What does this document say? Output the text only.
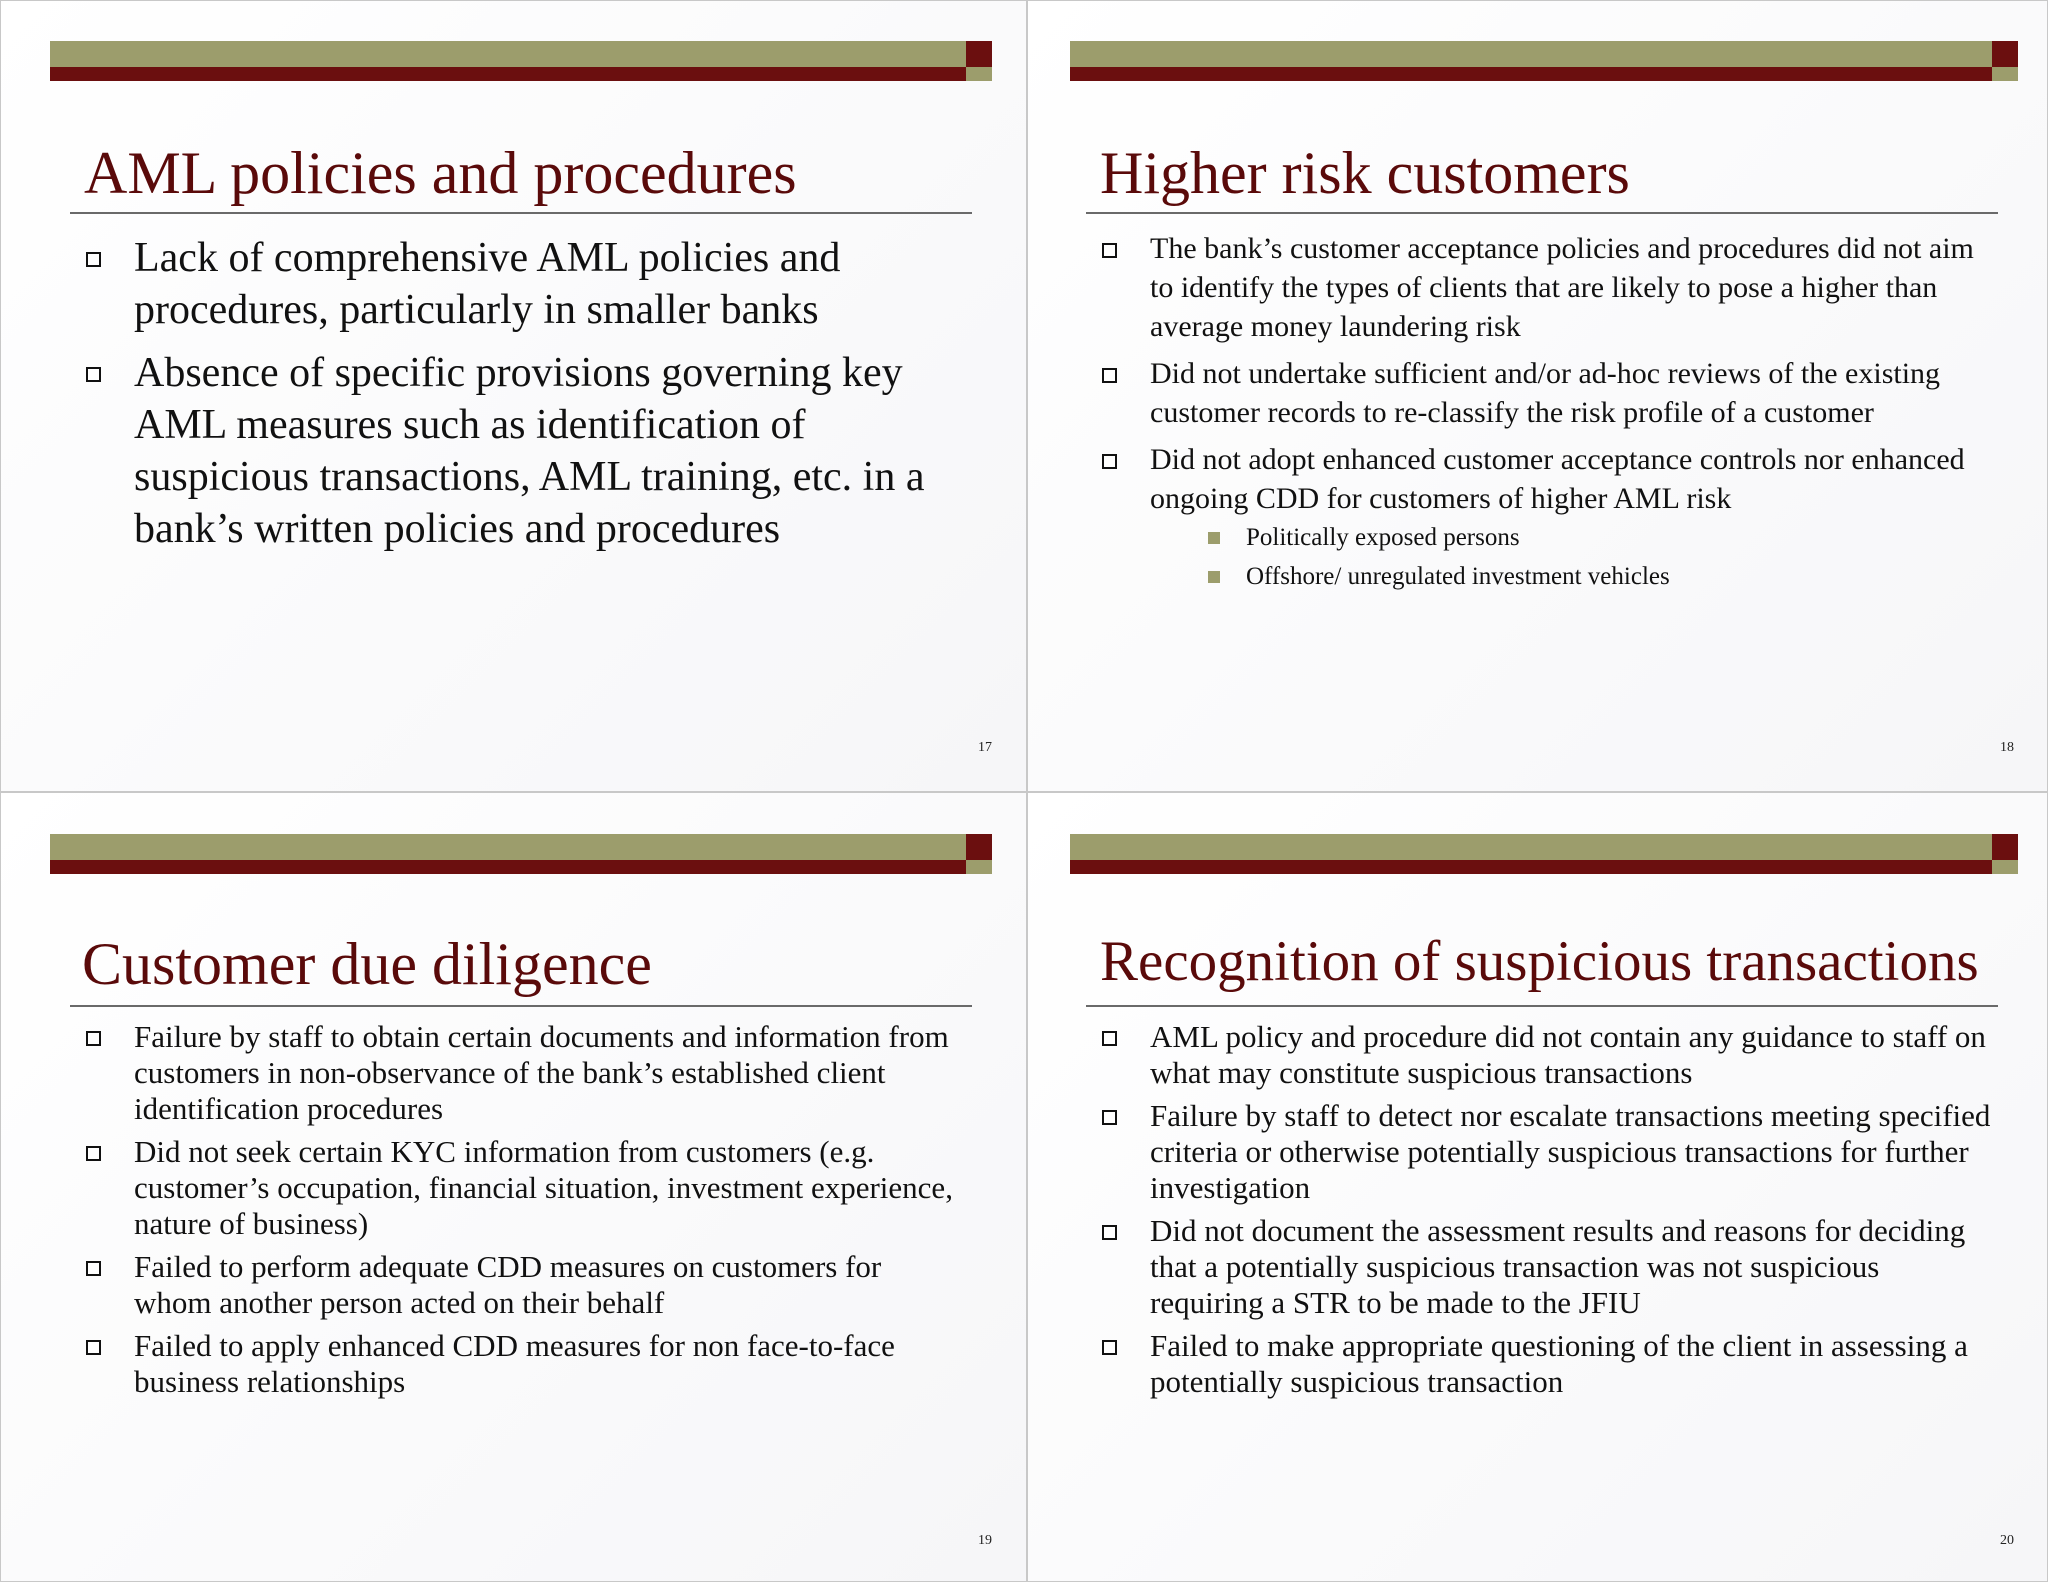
AML policies and procedures
Lack of comprehensive AML policies and procedures, particularly in smaller banks
Absence of specific provisions governing key AML measures such as identification of suspicious transactions, AML training, etc. in a bank’s written policies and procedures
17
Higher risk customers
The bank’s customer acceptance policies and procedures did not aim to identify the types of clients that are likely to pose a higher than average money laundering risk
Did not undertake sufficient and/or ad-hoc reviews of the existing customer records to re-classify the risk profile of a customer
Did not adopt enhanced customer acceptance controls nor enhanced ongoing CDD for customers of higher AML risk
Politically exposed persons
Offshore/ unregulated investment vehicles
18
Customer due diligence
Failure by staff to obtain certain documents and information from customers in non-observance of the bank’s established client identification procedures
Did not seek certain KYC information from customers (e.g. customer’s occupation, financial situation, investment experience, nature of business)
Failed to perform adequate CDD measures on customers for whom another person acted on their behalf
Failed to apply enhanced CDD measures for non face-to-face business relationships
19
Recognition of suspicious transactions
AML policy and procedure did not contain any guidance to staff on what may constitute suspicious transactions
Failure by staff to detect nor escalate transactions meeting specified criteria or otherwise potentially suspicious transactions for further investigation
Did not document the assessment results and reasons for deciding that a potentially suspicious transaction was not suspicious requiring a STR to be made to the JFIU
Failed to make appropriate questioning of the client in assessing a potentially suspicious transaction
20
